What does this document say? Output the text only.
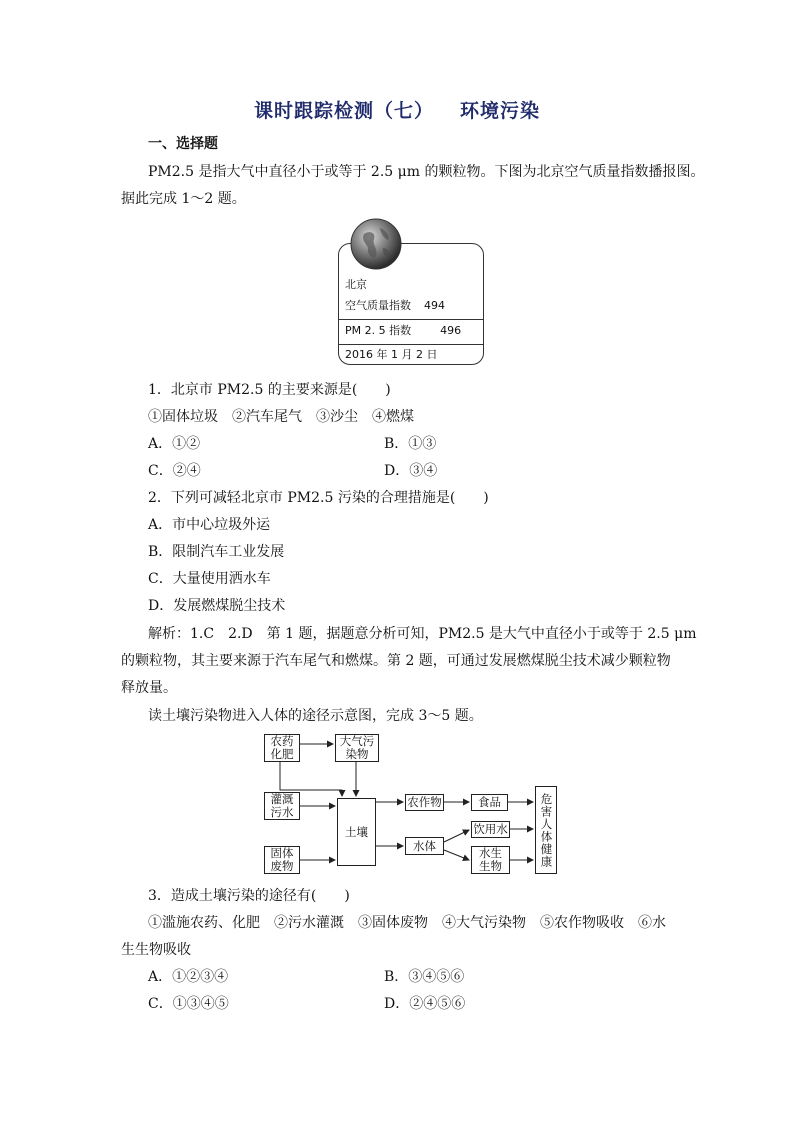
课时跟踪检测（七） 环境污染
一、选择题
PM2.5 是指大气中直径小于或等于 2.5 μm 的颗粒物。下图为北京空气质量指数播报图。
据此完成 1～2 题。
北京
空气质量指数 494
PM 2. 5 指数	496
2016 年 1 月 2 日
1．北京市 PM2.5 的主要来源是(　　)
①固体垃圾　②汽车尾气　③沙尘　④燃煤
A．①②	B．①③
C．②④	D．③④
2．下列可减轻北京市 PM2.5 污染的合理措施是(　　)
A．市中心垃圾外运
B．限制汽车工业发展
C．大量使用洒水车
D．发展燃煤脱尘技术
解析：1.C　2.D　第 1 题，据题意分析可知，PM2.5 是大气中直径小于或等于 2.5 μm
的颗粒物，其主要来源于汽车尾气和燃煤。第 2 题，可通过发展燃煤脱尘技术减少颗粒物
释放量。
读土壤污染物进入人体的途径示意图，完成 3～5 题。
农药
化肥
大气污
染物
灌溉
污水
固体
废物
土壤
农作物	食品
水体
饮用水
水生
生物	危害人体健康
3．造成土壤污染的途径有(　　)
①滥施农药、化肥　②污水灌溉　③固体废物　④大气污染物　⑤农作物吸收　⑥水
生生物吸收
A．①②③④	B．③④⑤⑥
C．①③④⑤	D．②④⑤⑥
